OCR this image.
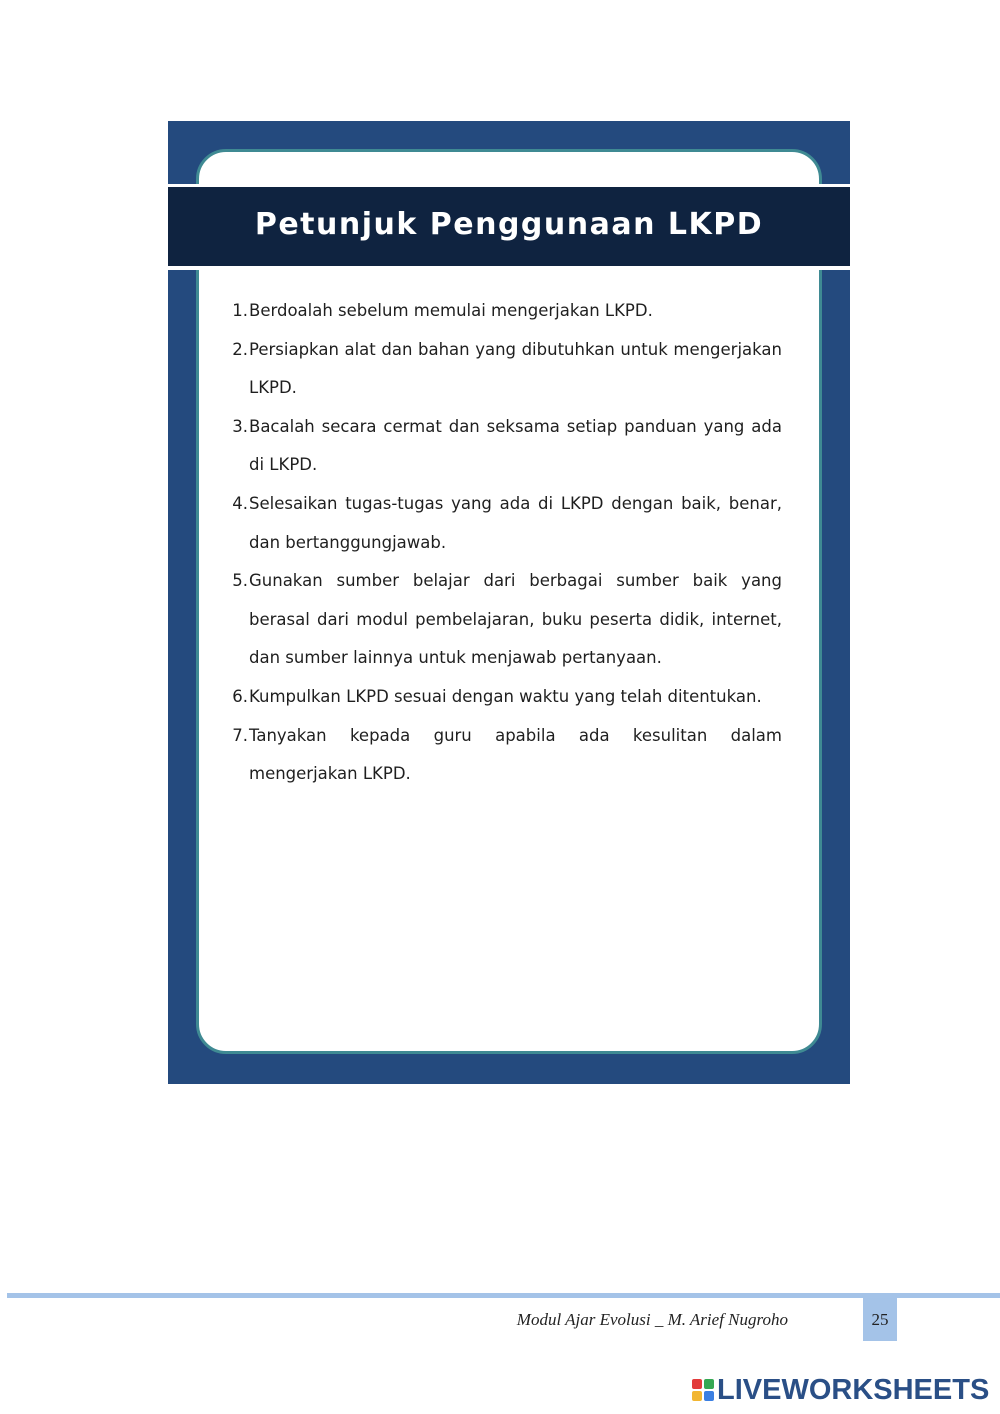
Petunjuk Penggunaan LKPD
1. Berdoalah sebelum memulai mengerjakan LKPD.
2. Persiapkan alat dan bahan yang dibutuhkan untuk mengerjakan LKPD.
3. Bacalah secara cermat dan seksama setiap panduan yang ada di LKPD.
4. Selesaikan tugas-tugas yang ada di LKPD dengan baik, benar, dan bertanggungjawab.
5. Gunakan sumber belajar dari berbagai sumber baik yang berasal dari modul pembelajaran, buku peserta didik, internet, dan sumber lainnya untuk menjawab pertanyaan.
6. Kumpulkan LKPD sesuai dengan waktu yang telah ditentukan.
7. Tanyakan kepada guru apabila ada kesulitan dalam mengerjakan LKPD.
Modul Ajar Evolusi _ M. Arief Nugroho	25
LIVEWORKSHEETS
